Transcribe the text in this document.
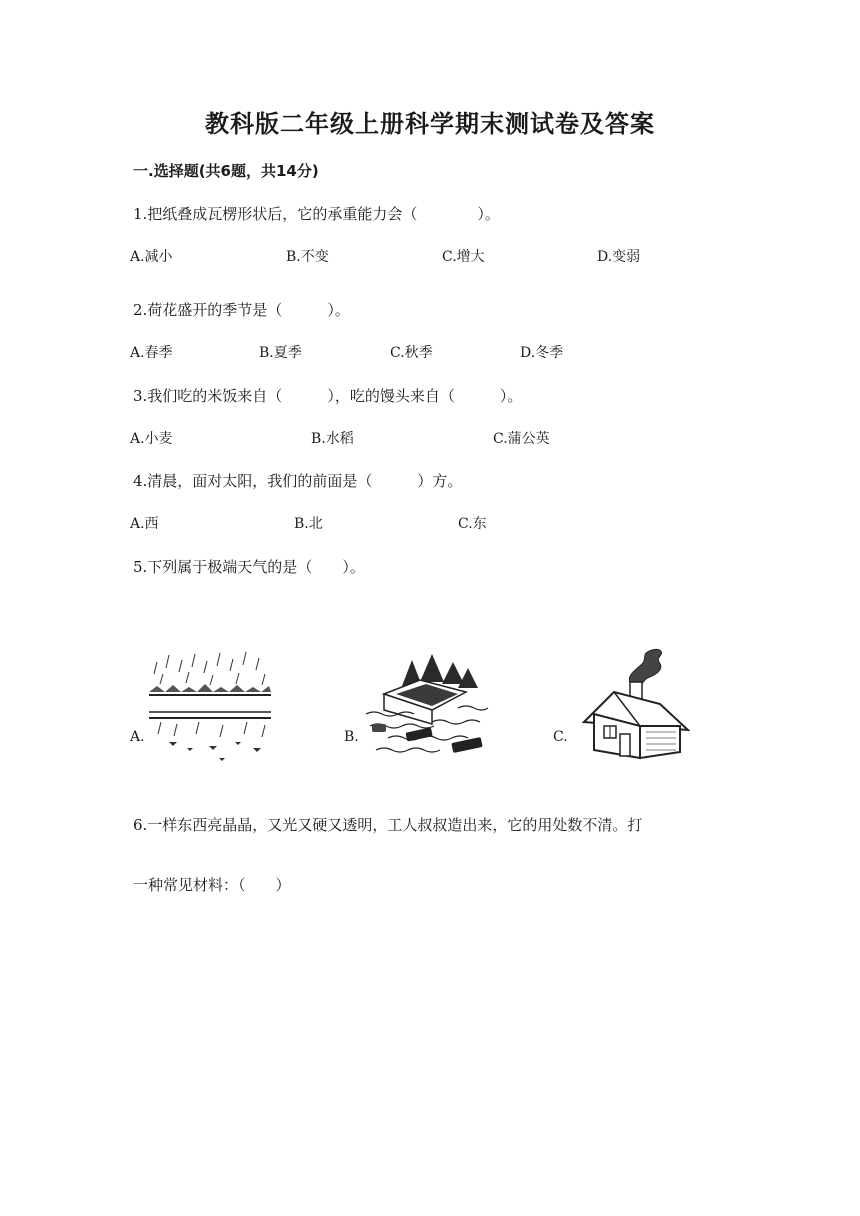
教科版二年级上册科学期末测试卷及答案
一.选择题(共6题，共14分)
1.把纸叠成瓦楞形状后，它的承重能力会（　　　　）。
A.减小	B.不变	C.增大	D.变弱
2.荷花盛开的季节是（　　　）。
A.春季	B.夏季	C.秋季	D.冬季
3.我们吃的米饭来自（　　　），吃的馒头来自（　　　）。
A.小麦	B.水稻	C.蒲公英
4.清晨，面对太阳，我们的前面是（　　　）方。
A.西	B.北	C.东
5.下列属于极端天气的是（　　）。
A.	B.	C.
6.一样东西亮晶晶，又光又硬又透明，工人叔叔造出来，它的用处数不清。打
一种常见材料：（　　）
